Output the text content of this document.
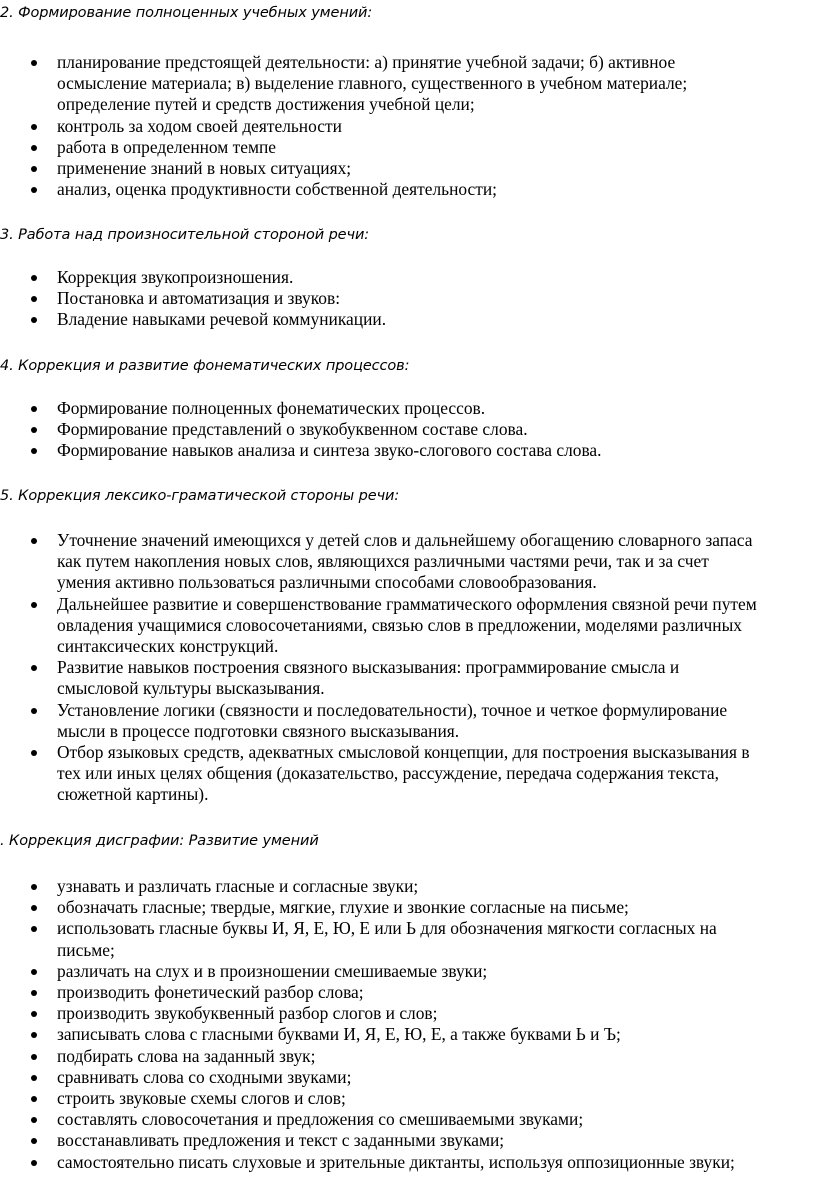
2. Формирование полноценных учебных умений:
планирование предстоящей деятельности: а) принятие учебной задачи; б) активное
осмысление материала; в) выделение главного, существенного в учебном материале;
определение путей и средств достижения учебной цели;
контроль за ходом своей деятельности
работа в определенном темпе
применение знаний в новых ситуациях;
анализ, оценка продуктивности собственной деятельности;
3. Работа над произносительной стороной речи:
Коррекция звукопроизношения.
Постановка и автоматизация и звуков:
Владение навыками речевой коммуникации.
4. Коррекция и развитие фонематических процессов:
Формирование полноценных фонематических процессов.
Формирование представлений о звукобуквенном составе слова.
Формирование навыков анализа и синтеза звуко-слогового состава слова.
5. Коррекция лексико-граматической стороны речи:
Уточнение значений имеющихся у детей слов и дальнейшему обогащению словарного запаса
как путем накопления новых слов, являющихся различными частями речи, так и за счет
умения активно пользоваться различными способами словообразования.
Дальнейшее развитие и совершенствование грамматического оформления связной речи путем
овладения учащимися словосочетаниями, связью слов в предложении, моделями различных
синтаксических конструкций.
Развитие навыков построения связного высказывания: программирование смысла и
смысловой культуры высказывания.
Установление логики (связности и последовательности), точное и четкое формулирование
мысли в процессе подготовки связного высказывания.
Отбор языковых средств, адекватных смысловой концепции, для построения высказывания в
тех или иных целях общения (доказательство, рассуждение, передача содержания текста,
сюжетной картины).
. Коррекция дисграфии: Развитие умений
узнавать и различать гласные и согласные звуки;
обозначать гласные; твердые, мягкие, глухие и звонкие согласные на письме;
использовать гласные буквы И, Я, Е, Ю, Е или Ь для обозначения мягкости согласных на
письме;
различать на слух и в произношении смешиваемые звуки;
производить фонетический разбор слова;
производить звукобуквенный разбор слогов и слов;
записывать слова с гласными буквами И, Я, Е, Ю, Е, а также буквами Ь и Ъ;
подбирать слова на заданный звук;
сравнивать слова со сходными звуками;
строить звуковые схемы слогов и слов;
составлять словосочетания и предложения со смешиваемыми звуками;
восстанавливать предложения и текст с заданными звуками;
самостоятельно писать слуховые и зрительные диктанты, используя оппозиционные звуки;
